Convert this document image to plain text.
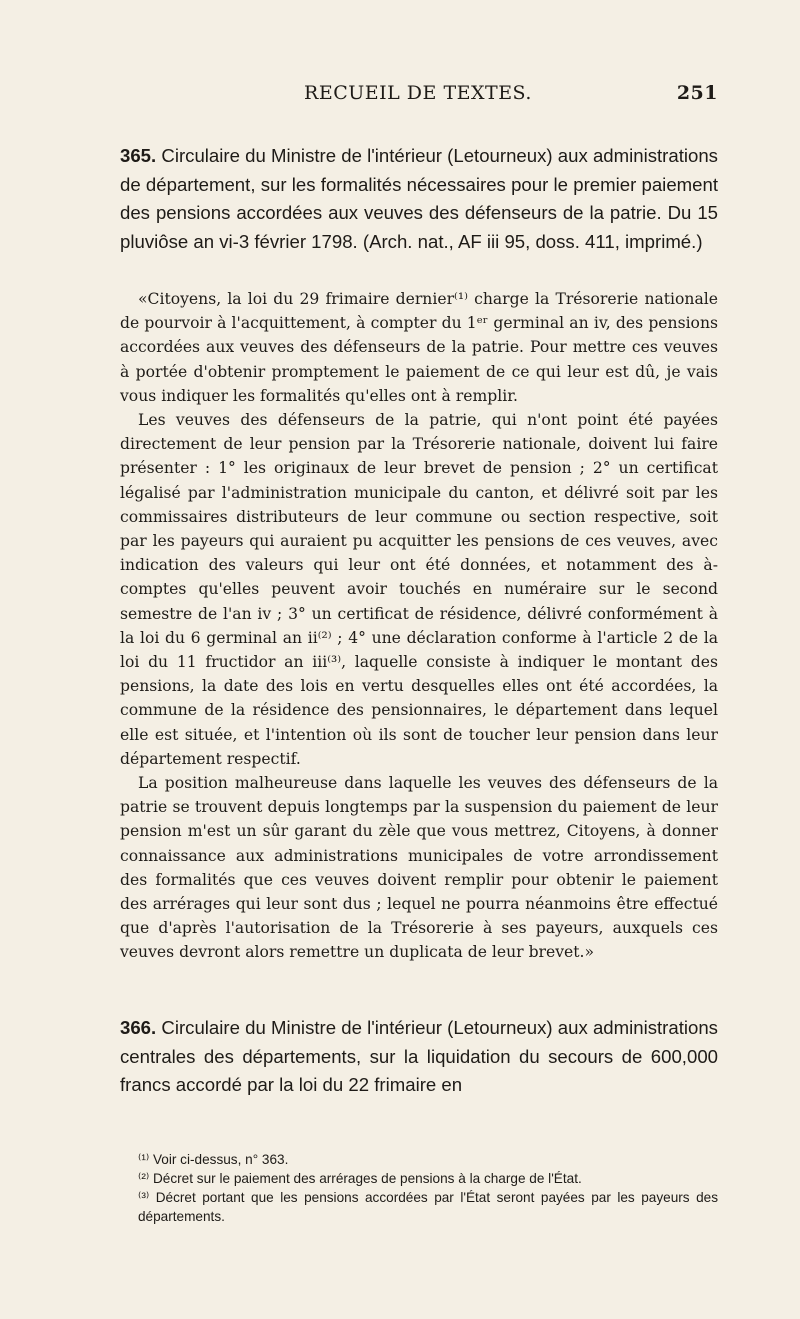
RECUEIL DE TEXTES.	251
365. Circulaire du Ministre de l'intérieur (Letourneux) aux administrations de département, sur les formalités nécessaires pour le premier paiement des pensions accordées aux veuves des défenseurs de la patrie. Du 15 pluviôse an vi-3 février 1798. (Arch. nat., AF iii 95, doss. 411, imprimé.)

«Citoyens, la loi du 29 frimaire dernier⁽¹⁾ charge la Trésorerie nationale de pourvoir à l'acquittement, à compter du 1ᵉʳ germinal an iv, des pensions accordées aux veuves des défenseurs de la patrie. Pour mettre ces veuves à portée d'obtenir promptement le paiement de ce qui leur est dû, je vais vous indiquer les formalités qu'elles ont à remplir.

Les veuves des défenseurs de la patrie, qui n'ont point été payées directement de leur pension par la Trésorerie nationale, doivent lui faire présenter : 1° les originaux de leur brevet de pension ; 2° un certificat légalisé par l'administration municipale du canton, et délivré soit par les commissaires distributeurs de leur commune ou section respective, soit par les payeurs qui auraient pu acquitter les pensions de ces veuves, avec indication des valeurs qui leur ont été données, et notamment des à-comptes qu'elles peuvent avoir touchés en numéraire sur le second semestre de l'an iv ; 3° un certificat de résidence, délivré conformément à la loi du 6 germinal an ii⁽²⁾ ; 4° une déclaration conforme à l'article 2 de la loi du 11 fructidor an iii⁽³⁾, laquelle consiste à indiquer le montant des pensions, la date des lois en vertu desquelles elles ont été accordées, la commune de la résidence des pensionnaires, le département dans lequel elle est située, et l'intention où ils sont de toucher leur pension dans leur département respectif.

La position malheureuse dans laquelle les veuves des défenseurs de la patrie se trouvent depuis longtemps par la suspension du paiement de leur pension m'est un sûr garant du zèle que vous mettrez, Citoyens, à donner connaissance aux administrations municipales de votre arrondissement des formalités que ces veuves doivent remplir pour obtenir le paiement des arrérages qui leur sont dus ; lequel ne pourra néanmoins être effectué que d'après l'autorisation de la Trésorerie à ses payeurs, auxquels ces veuves devront alors remettre un duplicata de leur brevet.»

366. Circulaire du Ministre de l'intérieur (Letourneux) aux administrations centrales des départements, sur la liquidation du secours de 600,000 francs accordé par la loi du 22 frimaire en
⁽¹⁾ Voir ci-dessus, n° 363.
⁽²⁾ Décret sur le paiement des arrérages de pensions à la charge de l'État.
⁽³⁾ Décret portant que les pensions accordées par l'État seront payées par les payeurs des départements.
